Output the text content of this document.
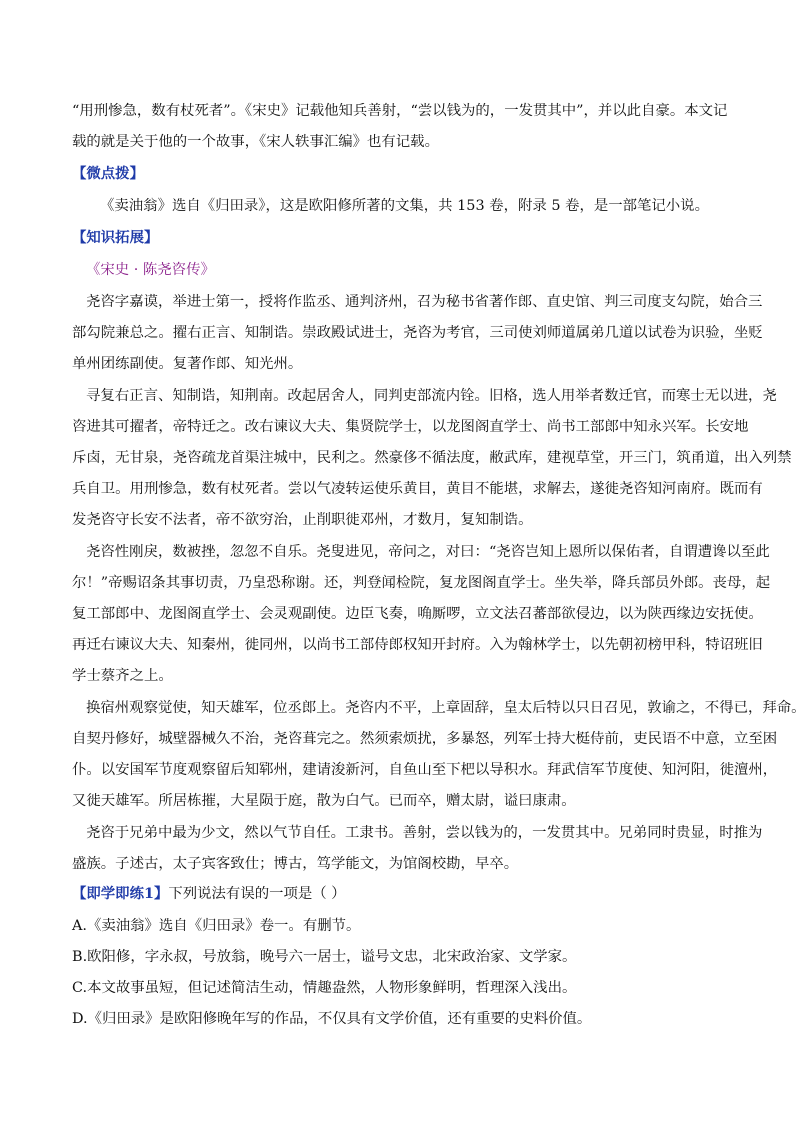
“用刑惨急，数有杖死者”。《宋史》记载他知兵善射，“尝以钱为的，一发贯其中”，并以此自豪。本文记
载的就是关于他的一个故事，《宋人轶事汇编》也有记载。
【微点拨】
《卖油翁》选自《归田录》，这是欧阳修所著的文集，共 153 卷，附录 5 卷，是一部笔记小说。
【知识拓展】
《宋史 · 陈尧咨传》
尧咨字嘉谟，举进士第一，授将作监丞、通判济州，召为秘书省著作郎、直史馆、判三司度支勾院，始合三
部勾院兼总之。擢右正言、知制诰。崇政殿试进士，尧咨为考官，三司使刘师道属弟几道以试卷为识验，坐贬
单州团练副使。复著作郎、知光州。
寻复右正言、知制诰，知荆南。改起居舍人，同判吏部流内铨。旧格，选人用举者数迁官，而寒士无以进，尧
咨进其可擢者，帝特迁之。改右谏议大夫、集贤院学士，以龙图阁直学士、尚书工部郎中知永兴军。长安地
斥卤，无甘泉，尧咨疏龙首渠注城中，民利之。然豪侈不循法度，敝武库，建视草堂，开三门，筑甬道，出入列禁
兵自卫。用刑惨急，数有杖死者。尝以气凌转运使乐黄目，黄目不能堪，求解去，遂徙尧咨知河南府。既而有
发尧咨守长安不法者，帝不欲穷治，止削职徙邓州，才数月，复知制诰。
尧咨性刚戾，数被挫，忽忽不自乐。尧叟进见，帝问之，对曰：“尧咨岂知上恩所以保佑者，自谓遭谗以至此
尔！”帝赐诏条其事切责，乃皇恐称谢。还，判登闻检院，复龙图阁直学士。坐失举，降兵部员外郎。丧母，起
复工部郎中、龙图阁直学士、会灵观副使。边臣飞奏，唃厮啰，立文法召蕃部欲侵边，以为陕西缘边安抚使。
再迁右谏议大夫、知秦州，徙同州，以尚书工部侍郎权知开封府。入为翰林学士，以先朝初榜甲科，特诏班旧
学士蔡齐之上。
换宿州观察觉使，知天雄军，位丞郎上。尧咨内不平，上章固辞，皇太后特以只日召见，敦谕之，不得已，拜命。
自契丹修好，城壁器械久不治，尧咨葺完之。然须索烦扰，多暴怒，列军士持大梃侍前，吏民语不中意，立至困
仆。以安国军节度观察留后知郓州，建请浚新河，自鱼山至下杷以导积水。拜武信军节度使、知河阳，徙澶州，
又徙天雄军。所居栋摧，大星陨于庭，散为白气。已而卒，赠太尉，谥曰康肃。
尧咨于兄弟中最为少文，然以气节自任。工隶书。善射，尝以钱为的，一发贯其中。兄弟同时贵显，时推为
盛族。子述古，太子宾客致仕；博古，笃学能文，为馆阁校勘，早卒。
【即学即练1】下列说法有误的一项是（ ）
A.《卖油翁》选自《归田录》卷一。有删节。
B.欧阳修，字永叔，号放翁，晚号六一居士，谥号文忠，北宋政治家、文学家。
C.本文故事虽短，但记述简洁生动，情趣盎然，人物形象鲜明，哲理深入浅出。
D.《归田录》是欧阳修晚年写的作品，不仅具有文学价值，还有重要的史料价值。
